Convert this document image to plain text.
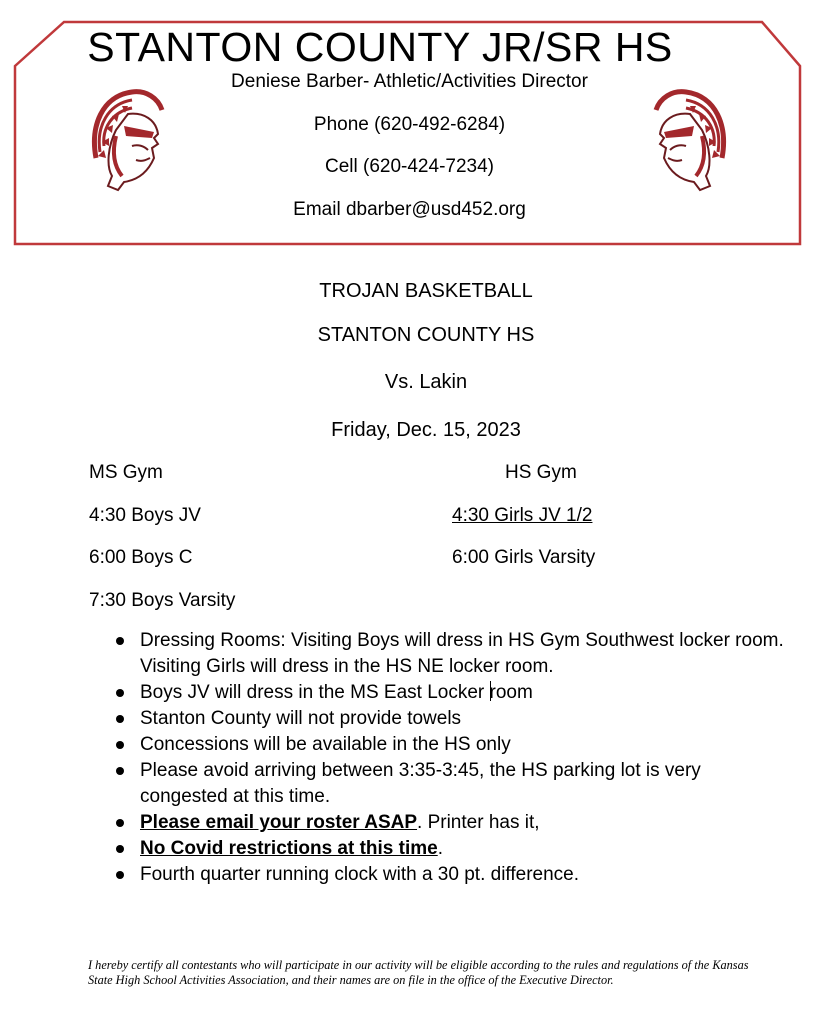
STANTON COUNTY JR/SR HS
Deniese Barber- Athletic/Activities Director
Phone (620-492-6284)
Cell (620-424-7234)
Email dbarber@usd452.org
TROJAN BASKETBALL
STANTON COUNTY HS
Vs. Lakin
Friday, Dec. 15, 2023
MS Gym	HS Gym
4:30 Boys JV	4:30 Girls JV 1/2
6:00 Boys C	6:00 Girls Varsity
7:30 Boys Varsity
Dressing Rooms: Visiting Boys will dress in HS Gym Southwest locker room. Visiting Girls will dress in the HS NE locker room.
Boys JV will dress in the MS East Locker room
Stanton County will not provide towels
Concessions will be available in the HS only
Please avoid arriving between 3:35-3:45, the HS parking lot is very congested at this time.
Please email your roster ASAP. Printer has it,
No Covid restrictions at this time.
Fourth quarter running clock with a 30 pt. difference.
I hereby certify all contestants who will participate in our activity will be eligible according to the rules and regulations of the Kansas State High School Activities Association, and their names are on file in the office of the Executive Director.
